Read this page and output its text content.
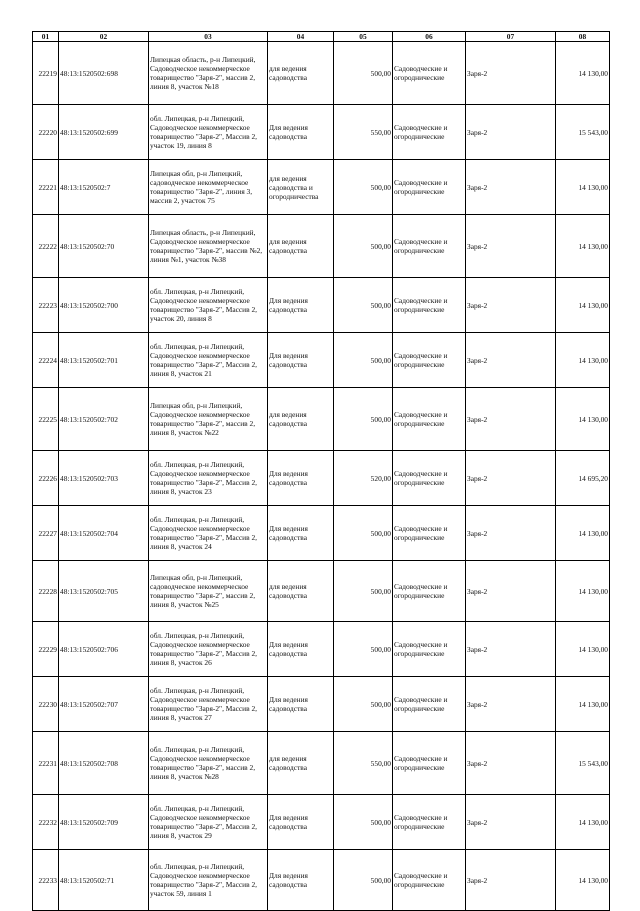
01	02	03	04	05	06	07	08
22219	48:13:1520502:698	Липецкая область, р-н Липецкий, Садоводческое некоммерческое товарищество "Заря-2", массив 2, линия 8, участок №18	для ведения садоводства	500,00	Садоводческие и огороднические	Заря-2	14 130,00
22220	48:13:1520502:699	обл. Липецкая, р-н Липецкий, Садоводческое некоммерческое товарищество "Заря-2", Массив 2, участок 19, линия 8	Для ведения садоводства	550,00	Садоводческие и огороднические	Заря-2	15 543,00
22221	48:13:1520502:7	Липецкая обл, р-н Липецкий, садоводческое некоммерческое товарищество "Заря-2", линия 3, массив 2, участок 75	для ведения садоводства и огородничества	500,00	Садоводческие и огороднические	Заря-2	14 130,00
22222	48:13:1520502:70	Липецкая область, р-н Липецкий, Садоводческое некоммерческое товарищество "Заря-2", массив №2, линия №1, участок №38	для ведения садоводства	500,00	Садоводческие и огороднические	Заря-2	14 130,00
22223	48:13:1520502:700	обл. Липецкая, р-н Липецкий, Садоводческое некоммерческое товарищество "Заря-2", Массив 2, участок 20, линия 8	Для ведения садоводства	500,00	Садоводческие и огороднические	Заря-2	14 130,00
22224	48:13:1520502:701	обл. Липецкая, р-н Липецкий, Садоводческое некоммерческое товарищество "Заря-2", Массив 2, линия 8, участок 21	Для ведения садоводства	500,00	Садоводческие и огороднические	Заря-2	14 130,00
22225	48:13:1520502:702	Липецкая обл, р-н Липецкий, Садоводческое некоммерческое товарищество "Заря-2", массив 2, линия 8, участок №22	для ведения садоводства	500,00	Садоводческие и огороднические	Заря-2	14 130,00
22226	48:13:1520502:703	обл. Липецкая, р-н Липецкий, Садоводческое некоммерческое товарищество "Заря-2", Массив 2, линия 8, участок 23	Для ведения садоводства	520,00	Садоводческие и огороднические	Заря-2	14 695,20
22227	48:13:1520502:704	обл. Липецкая, р-н Липецкий, Садоводческое некоммерческое товарищество "Заря-2", Массив 2, линия 8, участок 24	Для ведения садоводства	500,00	Садоводческие и огороднические	Заря-2	14 130,00
22228	48:13:1520502:705	Липецкая обл, р-н Липецкий, садоводческое некоммерческое товарищество "Заря-2", массив 2, линия 8, участок №25	для ведения садоводства	500,00	Садоводческие и огороднические	Заря-2	14 130,00
22229	48:13:1520502:706	обл. Липецкая, р-н Липецкий, Садоводческое некоммерческое товарищество "Заря-2", Массив 2, линия 8, участок 26	Для ведения садоводства	500,00	Садоводческие и огороднические	Заря-2	14 130,00
22230	48:13:1520502:707	обл. Липецкая, р-н Липецкий, Садоводческое некоммерческое товарищество "Заря-2", Массив 2, линия 8, участок 27	Для ведения садоводства	500,00	Садоводческие и огороднические	Заря-2	14 130,00
22231	48:13:1520502:708	обл. Липецкая, р-н Липецкий, Садоводческое некоммерческое товарищество "Заря-2", массив 2, линия 8, участок №28	для ведения садоводства	550,00	Садоводческие и огороднические	Заря-2	15 543,00
22232	48:13:1520502:709	обл. Липецкая, р-н Липецкий, Садоводческое некоммерческое товарищество "Заря-2", Массив 2, линия 8, участок 29	Для ведения садоводства	500,00	Садоводческие и огороднические	Заря-2	14 130,00
22233	48:13:1520502:71	обл. Липецкая, р-н Липецкий, Садоводческое некоммерческое товарищество "Заря-2", Массив 2, участок 59, линия 1	Для ведения садоводства	500,00	Садоводческие и огороднические	Заря-2	14 130,00
